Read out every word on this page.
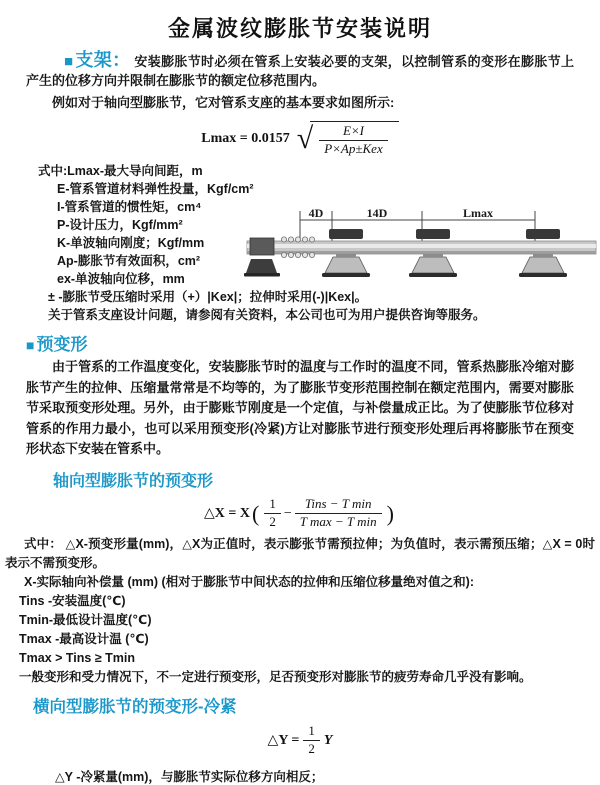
金属波纹膨胀节安装说明

■ 支架： 安装膨胀节时必须在管系上安装必要的支架，以控制管系的变形在膨胀节上产生的位移方向并限制在膨胀节的额定位移范围内。

例如对于轴向型膨胀节，它对管系支座的基本要求如图所示:

Lmax = 0.0157 √ $\frac{E\times I}{\text{P×Ap±Kex}}$
式中:Lmax-最大导向间距，m
E-管系管道材料弹性投量，Kgf/cm²
I-管系管道的惯性矩，cm⁴
P-设计压力，Kgf/mm²
K-单波轴向刚度；Kgf/mm
Ap-膨胀节有效面积，cm²
ex-单波轴向位移，mm
± -膨胀节受压缩时采用（+）|Kex|；拉伸时采用(-)|Kex|。
关于管系支座设计问题，请参阅有关资料，本公司也可为用户提供咨询等服务。
4D	14D	Lmax
■ 预变形

由于管系的工作温度变化，安装膨胀节时的温度与工作时的温度不同，管系热膨胀冷缩对膨胀节产生的拉伸、压缩量常常是不均等的，为了膨胀节变形范围控制在额定范围内，需要对膨胀节采取预变形处理。另外，由于膨账节刚度是一个定值，与补偿量成正比。为了使膨胀节位移对管系的作用力最小，也可以采用预变形(冷紧)方让对膨胀节进行预变形处理后再将膨胀节在预变形状态下安装在管系中。

轴向型膨胀节的预变形
△X = X ( $\frac{1}{2} - \frac{\text{Tins − T min}}{\text{T max − T min}}$ )

式中： △X-预变形量(mm)，△X为正值时，表示膨张节需预拉伸；为负值时，表示需预压缩；△X = 0时表示不需预变形。

X-实际轴向补偿量 (mm) (相对于膨胀节中间状态的拉伸和压缩位移量绝对值之和):
Tins -安装温度(℃)
Tmin-最低设计温度(℃)
Tmax -最高设计温 (℃)
Tmax > Tins ≥ Tmin
一般变形和受力情况下，不一定进行预变形，足否预变形对膨胀节的疲劳寿命几乎没有影响。
横向型膨胀节的预变形-冷紧
△Y = $\frac{1}{2}$ Y
△Y -冷紧量(mm)，与膨胀节实际位移方向相反；
